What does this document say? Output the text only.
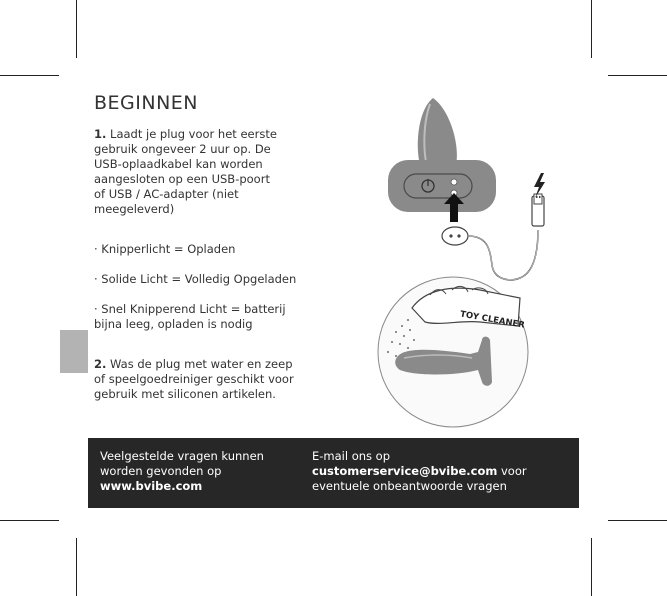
BEGINNEN
1. Laadt je plug voor het eerste
gebruik ongeveer 2 uur op. De
USB-oplaadkabel kan worden
aangesloten op een USB-poort
of USB / AC-adapter (niet
meegeleverd)
· Knipperlicht = Opladen
· Solide Licht = Volledig Opgeladen
· Snel Knipperend Licht = batterij
bijna leeg, opladen is nodig
2. Was de plug met water en zeep
of speelgoedreiniger geschikt voor
gebruik met siliconen artikelen.
TOY CLEANER
Veelgestelde vragen kunnen
worden gevonden op
www.bvibe.com
E-mail ons op
customerservice@bvibe.com voor
eventuele onbeantwoorde vragen
